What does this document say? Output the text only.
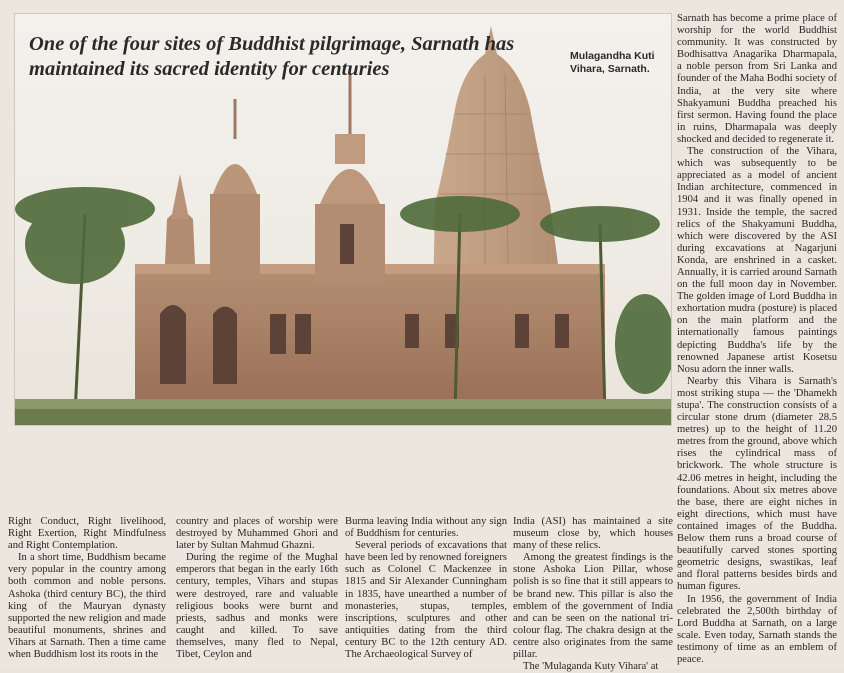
One of the four sites of Buddhist pilgrimage, Sarnath has maintained its sacred identity for centuries
Mulagandha Kuti Vihara, Sarnath.

Sarnath has become a prime place of worship for the world Buddhist community. It was constructed by Bodhisattva Anagarika Dharmapala, a noble person from Sri Lanka and founder of the Maha Bodhi society of India, at the very site where Shakyamuni Buddha preached his first sermon. Having found the place in ruins, Dharmapala was deeply shocked and decided to regenerate it.

The construction of the Vihara, which was subsequently to be appreciated as a model of ancient Indian architecture, commenced in 1904 and it was finally opened in 1931. Inside the temple, the sacred relics of the Shakyamuni Buddha, which were discovered by the ASI during excavations at Nagarjuni Konda, are enshrined in a casket. Annually, it is carried around Sarnath on the full moon day in November. The golden image of Lord Buddha in exhortation mudra (posture) is placed on the main platform and the internationally famous paintings depicting Buddha's life by the renowned Japanese artist Kosetsu Nosu adorn the inner walls.

Nearby this Vihara is Sarnath's most striking stupa — the 'Dhamekh stupa'. The construction consists of a circular stone drum (diameter 28.5 metres) up to the height of 11.20 metres from the ground, above which rises the cylindrical mass of brickwork. The whole structure is 42.06 metres in height, including the foundations. About six metres above the base, there are eight niches in eight directions, which must have contained images of the Buddha. Below them runs a broad course of beautifully carved stones sporting geometric designs, swastikas, leaf and floral patterns besides birds and human figures.

In 1956, the government of India celebrated the 2,500th birthday of Lord Buddha at Sarnath, on a large scale. Even today, Sarnath stands the testimony of time as an emblem of peace.

Right Conduct, Right livelihood, Right Exertion, Right Mindfulness and Right Contemplation.

In a short time, Buddhism became very popular in the country among both common and noble persons. Ashoka (third century BC), the third king of the Mauryan dynasty supported the new religion and made beautiful monuments, shrines and Vihars at Sarnath. Then a time came when Buddhism lost its roots in the

country and places of worship were destroyed by Muhammed Ghori and later by Sultan Mahmud Ghazni.

During the regime of the Mughal emperors that began in the early 16th century, temples, Vihars and stupas were destroyed, rare and valuable religious books were burnt and priests, sadhus and monks were caught and killed. To save themselves, many fled to Nepal, Tibet, Ceylon and

Burma leaving India without any sign of Buddhism for centuries.

Several periods of excavations that have been led by renowned foreigners such as Colonel C Mackenzee in 1815 and Sir Alexander Cunningham in 1835, have unearthed a number of monasteries, stupas, temples, inscriptions, sculptures and other antiquities dating from the third century BC to the 12th century AD. The Archaeological Survey of

India (ASI) has maintained a site museum close by, which houses many of these relics.

Among the greatest findings is the stone Ashoka Lion Pillar, whose polish is so fine that it still appears to be brand new. This pillar is also the emblem of the government of India and can be seen on the national tri-colour flag. The chakra design at the centre also originates from the same pillar.

The 'Mulaganda Kuty Vihara' at
